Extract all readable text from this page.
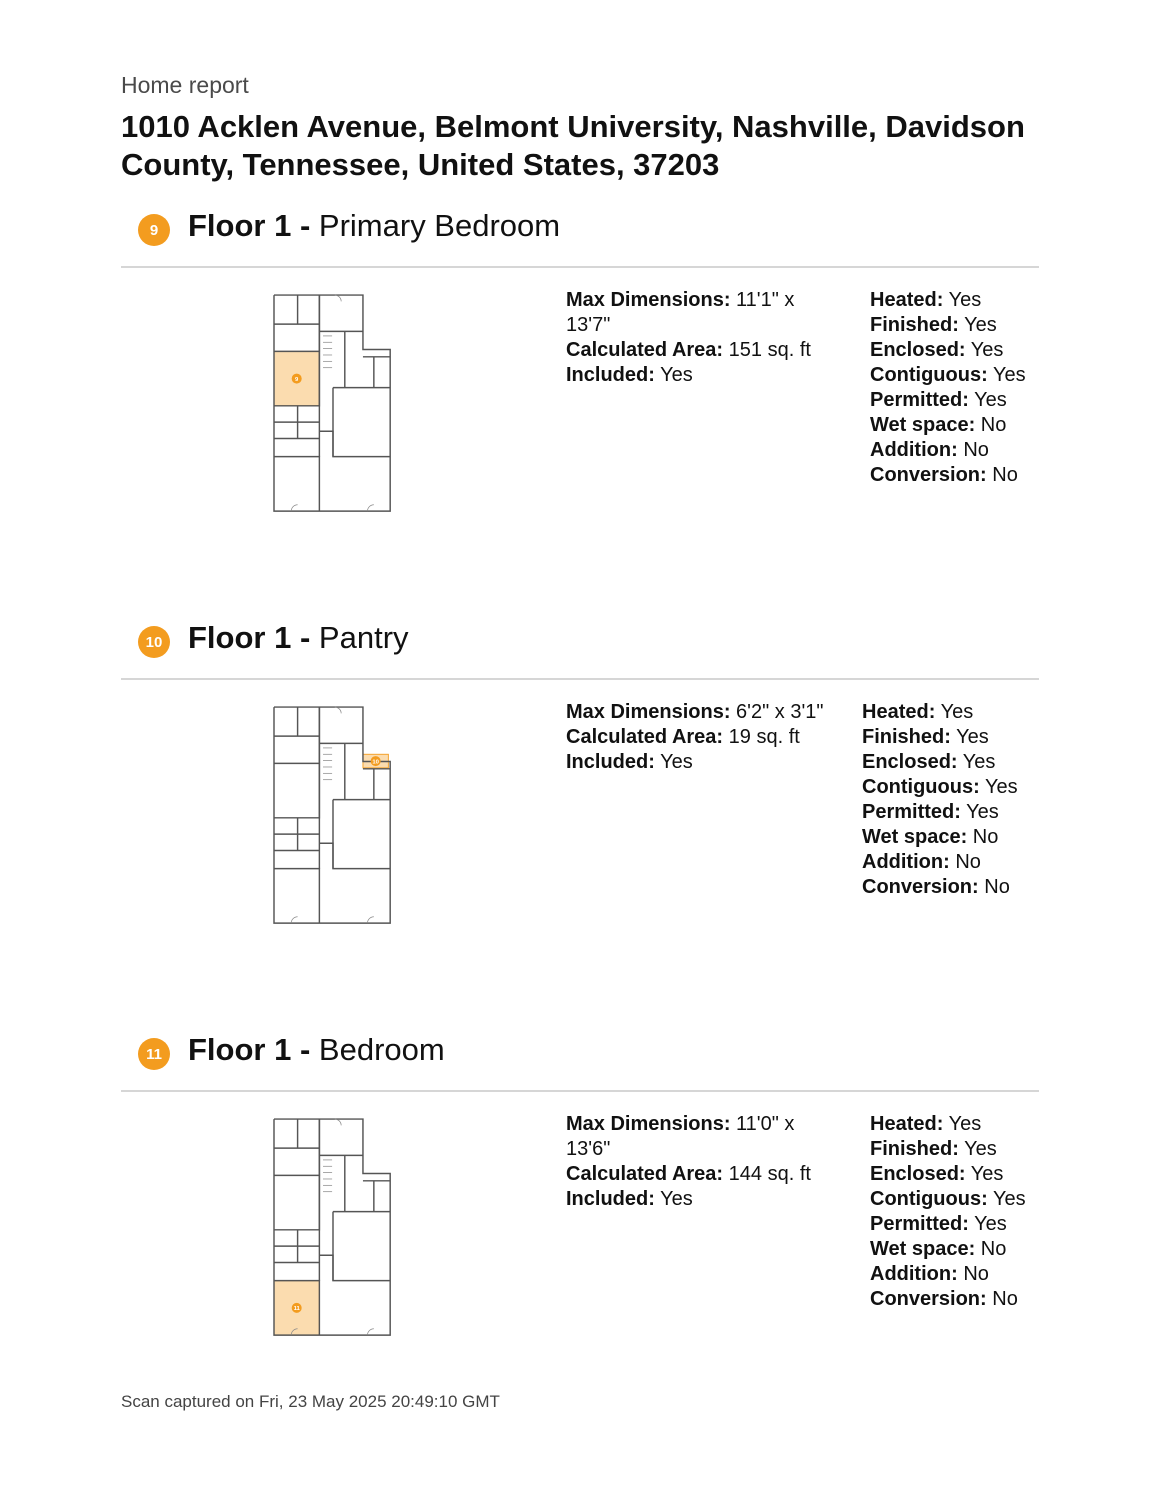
Home report
1010 Acklen Avenue, Belmont University, Nashville, Davidson County, Tennessee, United States, 37203
9 Floor 1 - Primary Bedroom
9
Max Dimensions: 11'1" x 13'7"
Calculated Area: 151 sq. ft
Included: Yes
Heated: Yes
Finished: Yes
Enclosed: Yes
Contiguous: Yes
Permitted: Yes
Wet space: No
Addition: No
Conversion: No
10 Floor 1 - Pantry
10
Max Dimensions: 6'2" x 3'1"
Calculated Area: 19 sq. ft
Included: Yes
Heated: Yes
Finished: Yes
Enclosed: Yes
Contiguous: Yes
Permitted: Yes
Wet space: No
Addition: No
Conversion: No
11 Floor 1 - Bedroom
11
Max Dimensions: 11'0" x 13'6"
Calculated Area: 144 sq. ft
Included: Yes
Heated: Yes
Finished: Yes
Enclosed: Yes
Contiguous: Yes
Permitted: Yes
Wet space: No
Addition: No
Conversion: No
Scan captured on Fri, 23 May 2025 20:49:10 GMT
